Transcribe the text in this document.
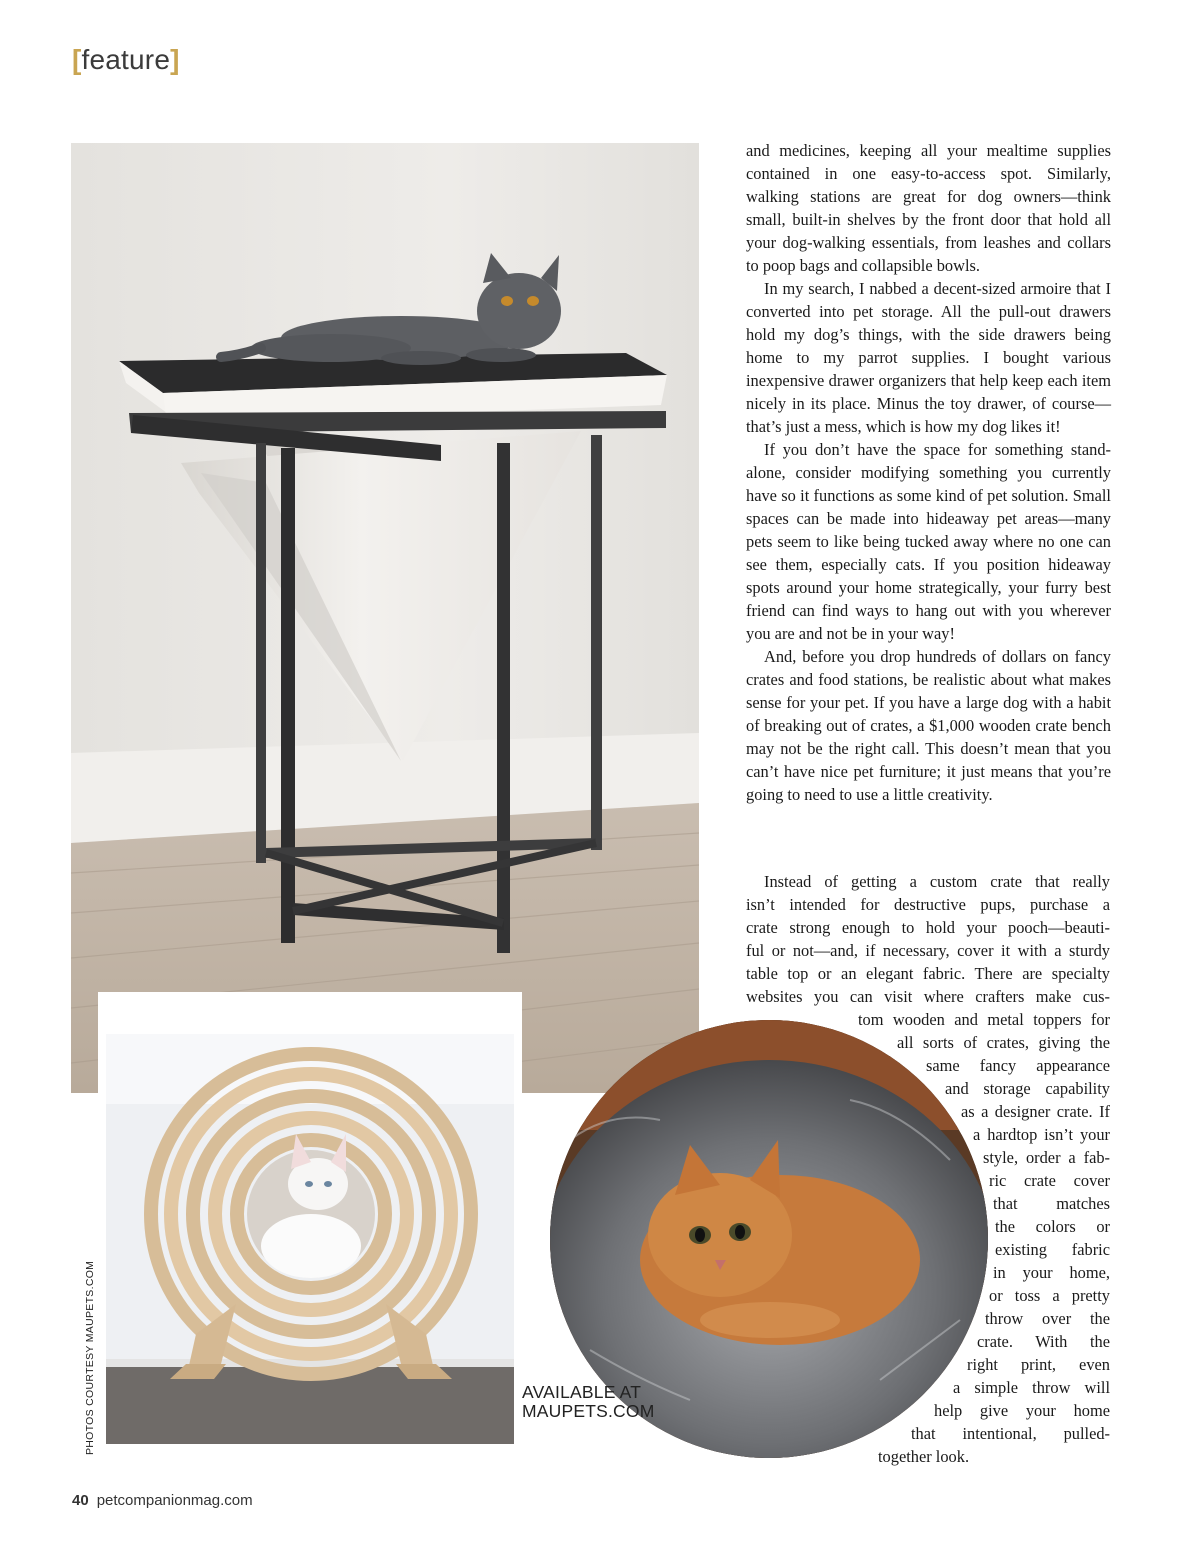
[feature]
PHOTOS COURTESY MAUPETS.COM	AVAILABLE AT
MAUPETS.COM

and medicines, keeping all your mealtime supplies contained in one easy-to-access spot. Similarly, walking stations are great for dog owners—think small, built-in shelves by the front door that hold all your dog-walking essentials, from leashes and collars to poop bags and collapsible bowls.

In my search, I nabbed a decent-sized armoire that I converted into pet storage. All the pull-out drawers hold my dog’s things, with the side drawers being home to my parrot supplies. I bought various inexpensive drawer organizers that help keep each item nicely in its place. Minus the toy drawer, of course—that’s just a mess, which is how my dog likes it!

If you don’t have the space for something standalone, consider modifying something you currently have so it functions as some kind of pet solution. Small spaces can be made into hideaway pet areas—many pets seem to like being tucked away where no one can see them, especially cats. If you position hideaway spots around your home strategically, your furry best friend can find ways to hang out with you wherever you are and not be in your way!

And, before you drop hundreds of dollars on fancy crates and food stations, be realistic about what makes sense for your pet. If you have a large dog with a habit of breaking out of crates, a $1,000 wooden crate bench may not be the right call. This doesn’t mean that you can’t have nice pet furniture; it just means that you’re going to need to use a little creativity.

Instead of getting a custom crate that really
isn’t intended for destructive pups, purchase a
crate strong enough to hold your pooch—beauti-
ful or not—and, if necessary, cover it with a sturdy
table top or an elegant fabric. There are specialty
websites you can visit where crafters make cus-
tom wooden and metal toppers for
all sorts of crates, giving the
same fancy appearance
and storage capability
as a designer crate. If
a hardtop isn’t your
style, order a fab-
ric crate cover
that matches
the colors or
existing fabric
in your home,
or toss a pretty
throw over the
crate. With the
right print, even
a simple throw will
help give your home
that intentional, pulled-
together look.
40 petcompanionmag.com
